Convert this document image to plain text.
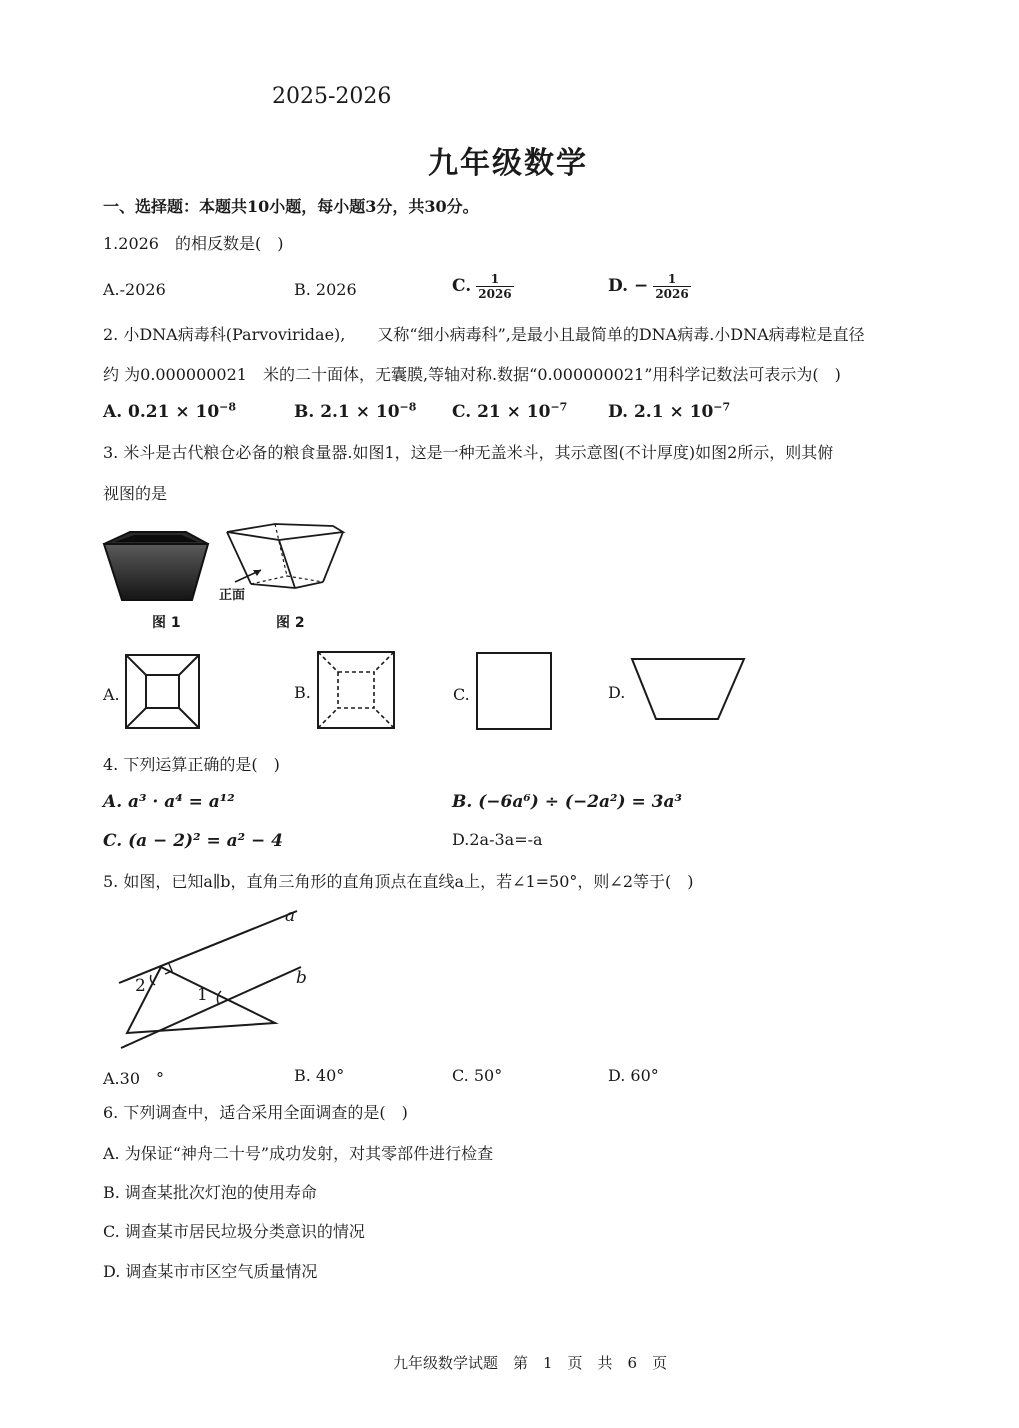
2025-2026
九年级数学
一、选择题：本题共10小题，每小题3分，共30分。
1.2026　的相反数是(　)
A.-2026	B. 2026	C. $\frac{1}{2026}$	D. − $\frac{1}{2026}$
2. 小DNA病毒科(Parvoviridae),　　又称“细小病毒科”,是最小且最简单的DNA病毒.小DNA病毒粒是直径
约 为0.000000021　米的二十面体，无囊膜,等轴对称.数据“0.000000021”用科学记数法可表示为(　)
A. $0.21 \times 10^{-8}$	B. $2.1 \times 10^{-8}$ C. $21 \times 10^{-7}$ D. $2.1 \times 10^{-7}$
3. 米斗是古代粮仓必备的粮食量器.如图1，这是一种无盖米斗，其示意图(不计厚度)如图2所示，则其俯
视图的是
图 1
正面
图 2
A.	B.	C.	D.
4. 下列运算正确的是(　)
A. a³ · a⁴ = a¹²	B. (−6a⁶) ÷ (−2a²) = 3a³
C. (a − 2)² = a² − 4	D.2a-3a=-a
5. 如图，已知a∥b，直角三角形的直角顶点在直线a上，若∠1=50°，则∠2等于(　)
a
b
2	1
A.30　°	B. 40°	C. 50°	D. 60°
6. 下列调查中，适合采用全面调查的是(　)
A. 为保证“神舟二十号”成功发射，对其零部件进行检查
B. 调查某批次灯泡的使用寿命
C. 调查某市居民垃圾分类意识的情况
D. 调查某市市区空气质量情况
九年级数学试题　第　1　页　共　6　页
